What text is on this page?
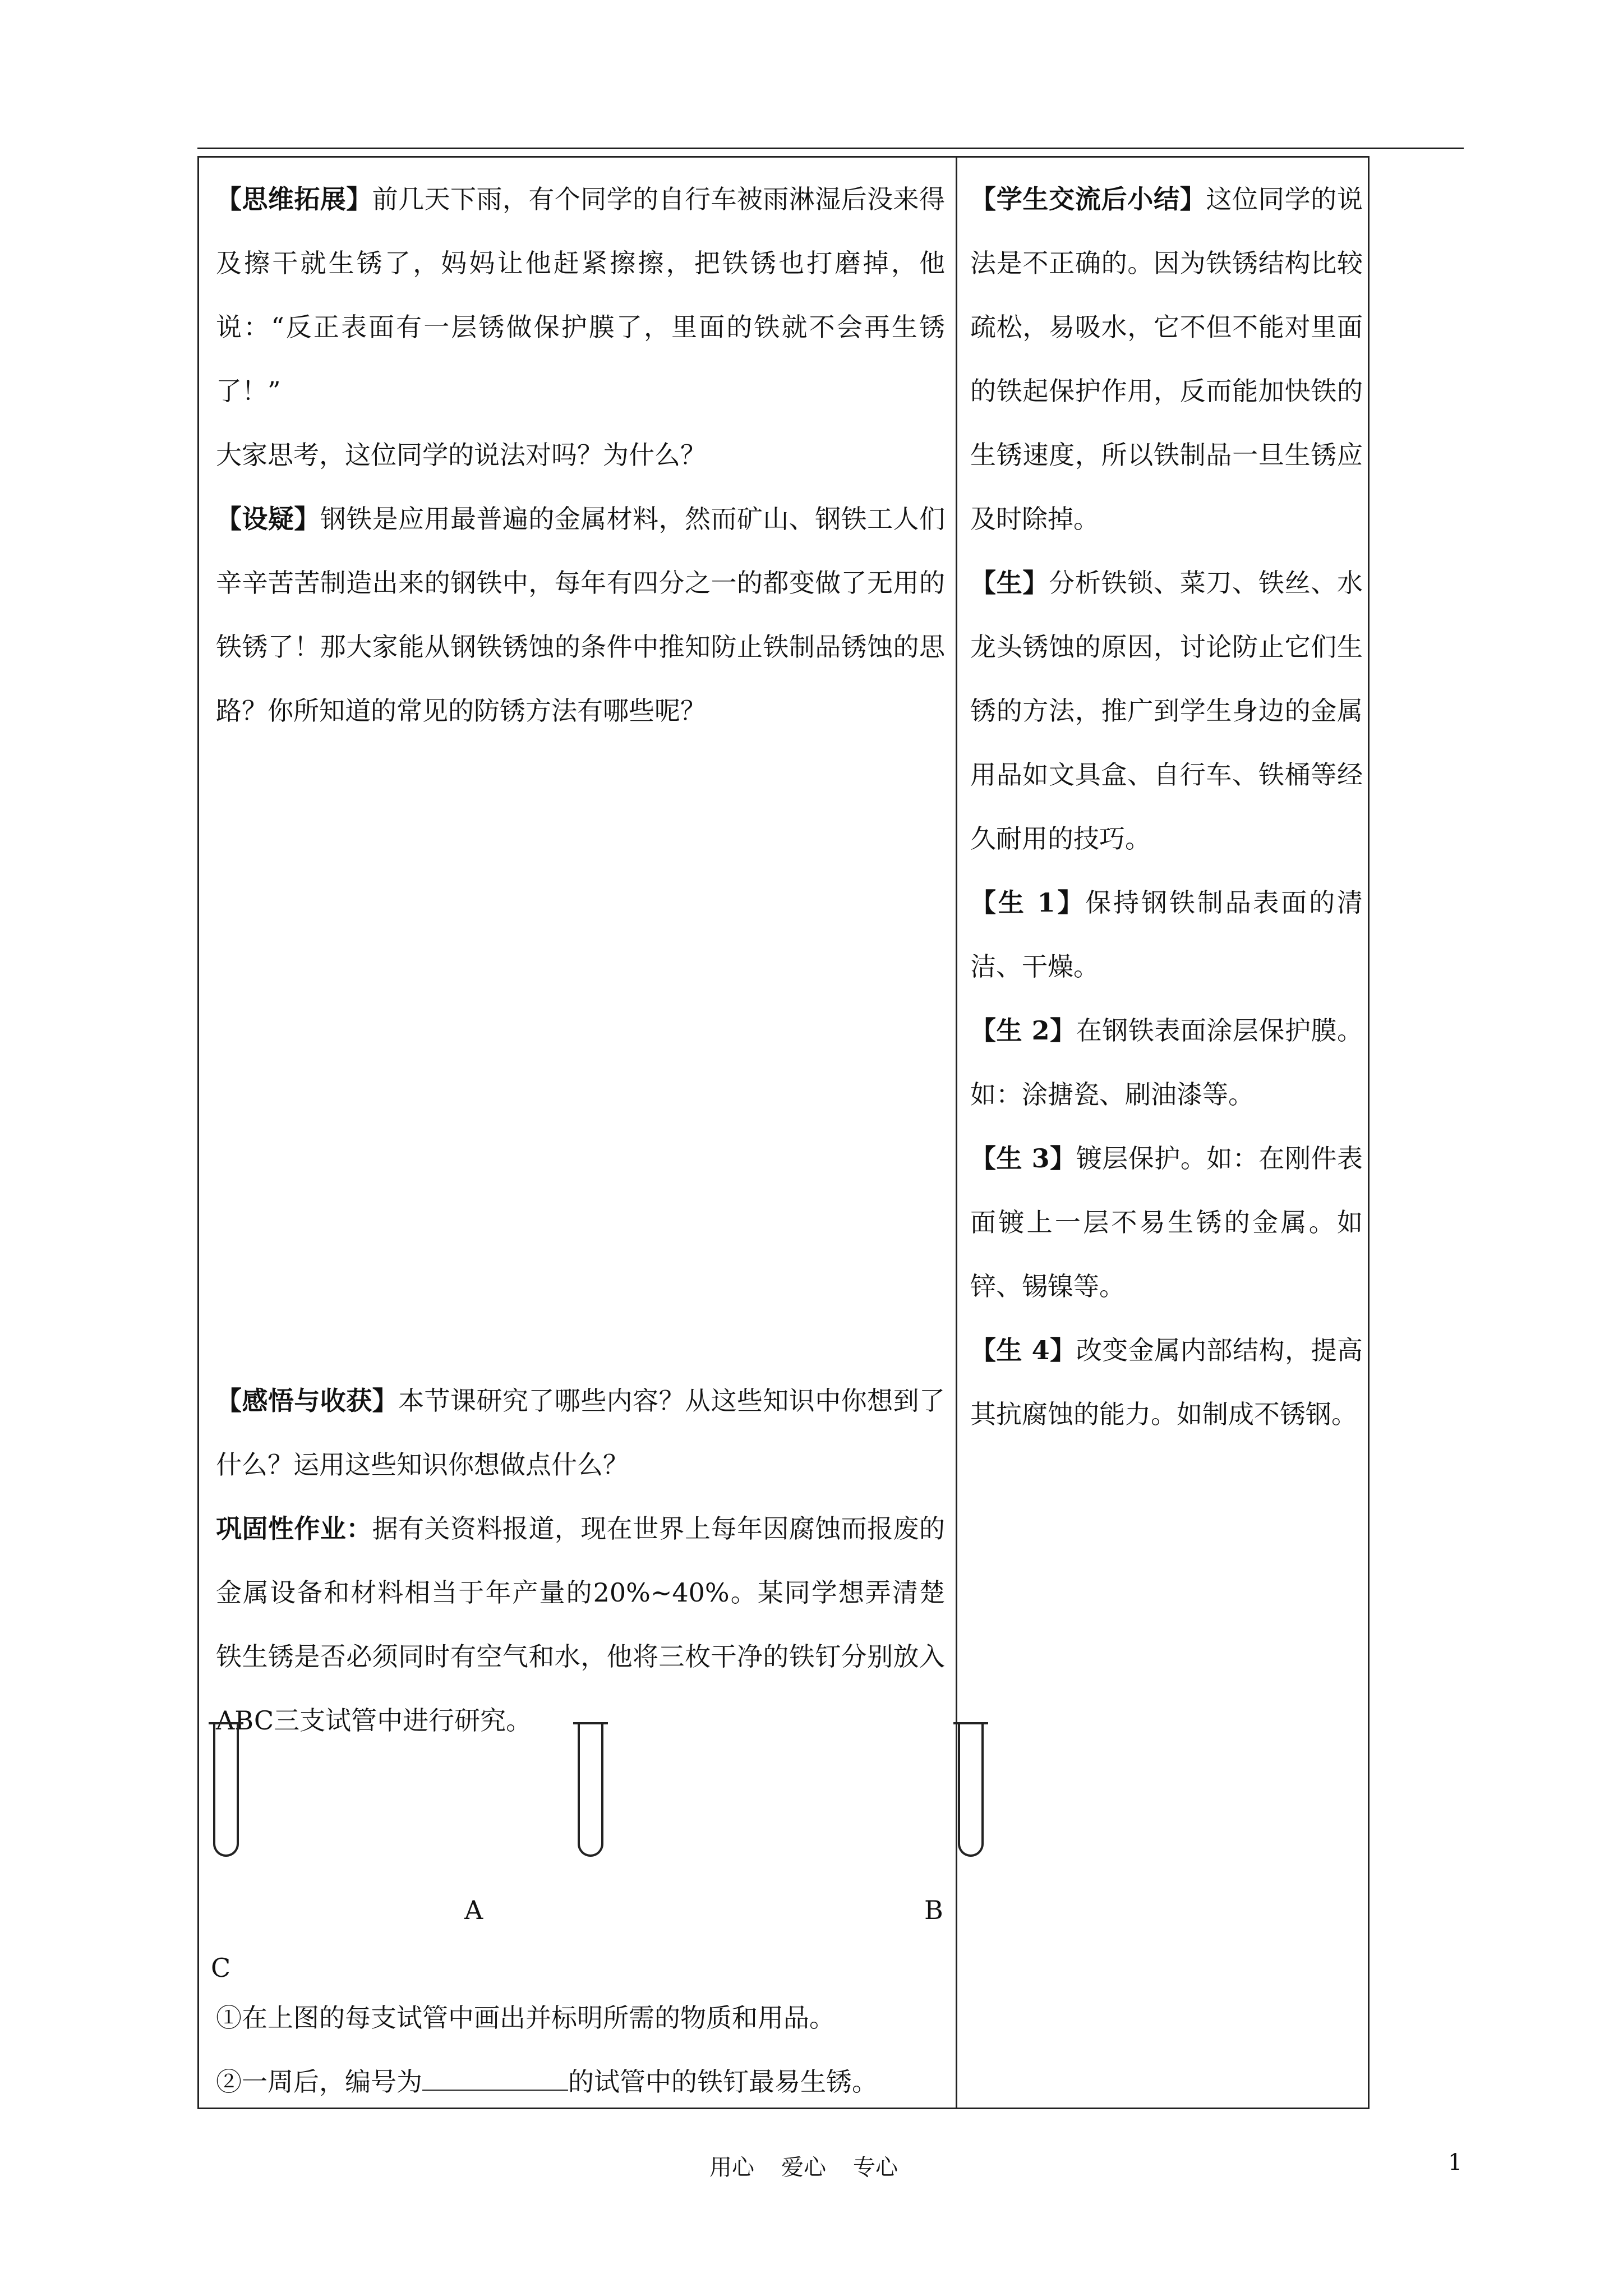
【思维拓展】前几天下雨，有个同学的自行车被雨淋湿后没来得及擦干就生锈了，妈妈让他赶紧擦擦，把铁锈也打磨掉，他说：“反正表面有一层锈做保护膜了，里面的铁就不会再生锈了！”

大家思考，这位同学的说法对吗？为什么？

【设疑】钢铁是应用最普遍的金属材料，然而矿山、钢铁工人们辛辛苦苦制造出来的钢铁中，每年有四分之一的都变做了无用的铁锈了！那大家能从钢铁锈蚀的条件中推知防止铁制品锈蚀的思路？你所知道的常见的防锈方法有哪些呢？

【感悟与收获】本节课研究了哪些内容？从这些知识中你想到了什么？运用这些知识你想做点什么？

巩固性作业：据有关资料报道，现在世界上每年因腐蚀而报废的金属设备和材料相当于年产量的20%~40%。某同学想弄清楚铁生锈是否必须同时有空气和水，他将三枚干净的铁钉分别放入ABC三支试管中进行研究。

A	B
C

①在上图的每支试管中画出并标明所需的物质和用品。

②一周后，编号为	的试管中的铁钉最易生锈。

【学生交流后小结】这位同学的说法是不正确的。因为铁锈结构比较疏松，易吸水，它不但不能对里面的铁起保护作用，反而能加快铁的生锈速度，所以铁制品一旦生锈应及时除掉。

【生】分析铁锁、菜刀、铁丝、水龙头锈蚀的原因，讨论防止它们生锈的方法，推广到学生身边的金属用品如文具盒、自行车、铁桶等经久耐用的技巧。

【生 1】保持钢铁制品表面的清洁、干燥。

【生 2】在钢铁表面涂层保护膜。如：涂搪瓷、刷油漆等。

【生 3】镀层保护。如：在刚件表面镀上一层不易生锈的金属。如锌、锡镍等。

【生 4】改变金属内部结构，提高其抗腐蚀的能力。如制成不锈钢。

用心 爱心 专心	1
